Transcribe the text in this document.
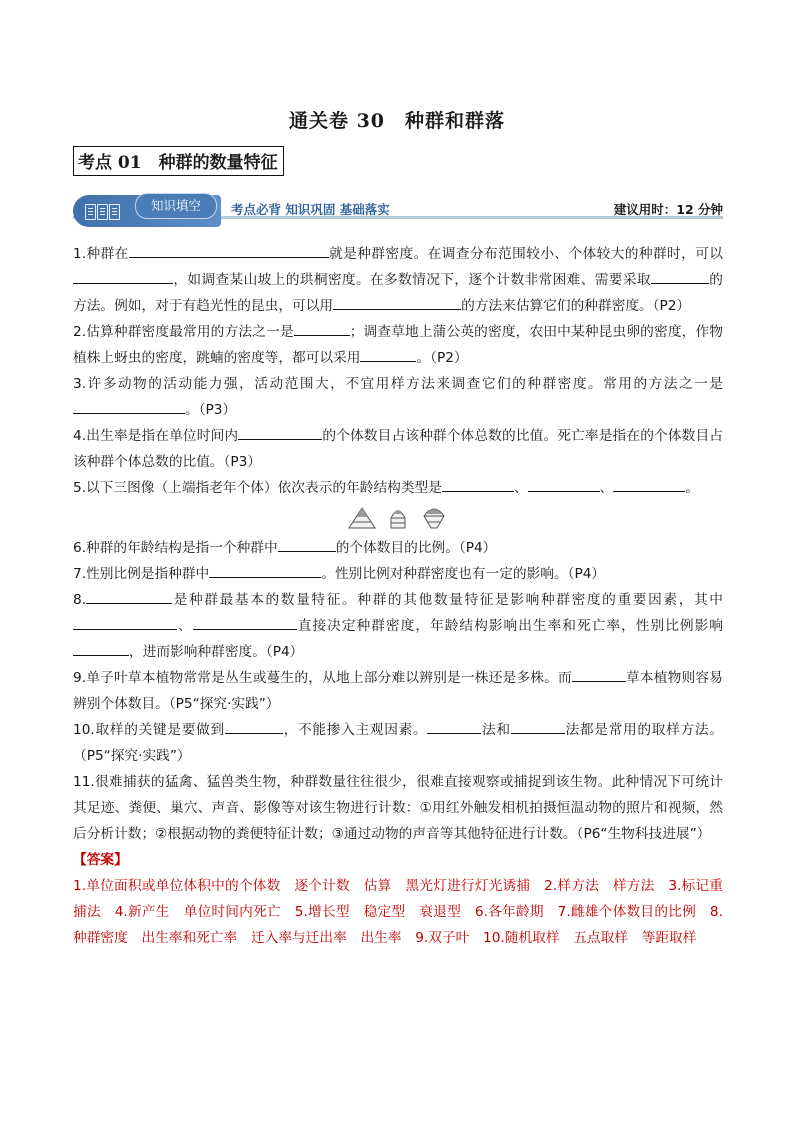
通关卷 30　种群和群落
考点 01　种群的数量特征
知识填空	考点必背 知识巩固 基础落实	建议用时：12 分钟

1.种群在	就是种群密度。在调查分布范围较小、个体较大的种群时，可以，如调查某山坡上的珙桐密度。在多数情况下，逐个计数非常困难、需要采取	的方法。例如，对于有趋光性的昆虫，可以用	的方法来估算它们的种群密度。（P2）

2.估算种群密度最常用的方法之一是	；调查草地上蒲公英的密度，农田中某种昆虫卵的密度，作物植株上蚜虫的密度，跳蝻的密度等，都可以采用	。（P2）

3.许多动物的活动能力强，活动范围大，不宜用样方法来调查它们的种群密度。常用的方法之一是。（P3）

4.出生率是指在单位时间内	的个体数目占该种群个体总数的比值。死亡率是指在的个体数目占该种群个体总数的比值。（P3）

5.以下三图像（上端指老年个体）依次表示的年龄结构类型是	、	、	。

6.种群的年龄结构是指一个种群中	的个体数目的比例。（P4）

7.性别比例是指种群中	。性别比例对种群密度也有一定的影响。（P4）

8.	是种群最基本的数量特征。种群的其他数量特征是影响种群密度的重要因素，其中、	直接决定种群密度，年龄结构影响出生率和死亡率，性别比例影响，进而影响种群密度。（P4）

9.单子叶草本植物常常是丛生或蔓生的，从地上部分难以辨别是一株还是多株。而	草本植物则容易辨别个体数目。（P5“探究·实践”）

10.取样的关键是要做到	，不能掺入主观因素。	法和	法都是常用的取样方法。（P5“探究·实践”）

11.很难捕获的猛禽、猛兽类生物，种群数量往往很少，很难直接观察或捕捉到该生物。此种情况下可统计其足迹、粪便、巢穴、声音、影像等对该生物进行计数：①用红外触发相机拍摄恒温动物的照片和视频，然后分析计数；②根据动物的粪便特征计数；③通过动物的声音等其他特征进行计数。（P6“生物科技进展”）

【答案】

1.单位面积或单位体积中的个体数　逐个计数　估算　黑光灯进行灯光诱捕　2.样方法　样方法　3.标记重捕法　4.新产生　单位时间内死亡　5.增长型　稳定型　衰退型　6.各年龄期　7.雌雄个体数目的比例　8.种群密度　出生率和死亡率　迁入率与迁出率　出生率　9.双子叶　10.随机取样　五点取样　等距取样
